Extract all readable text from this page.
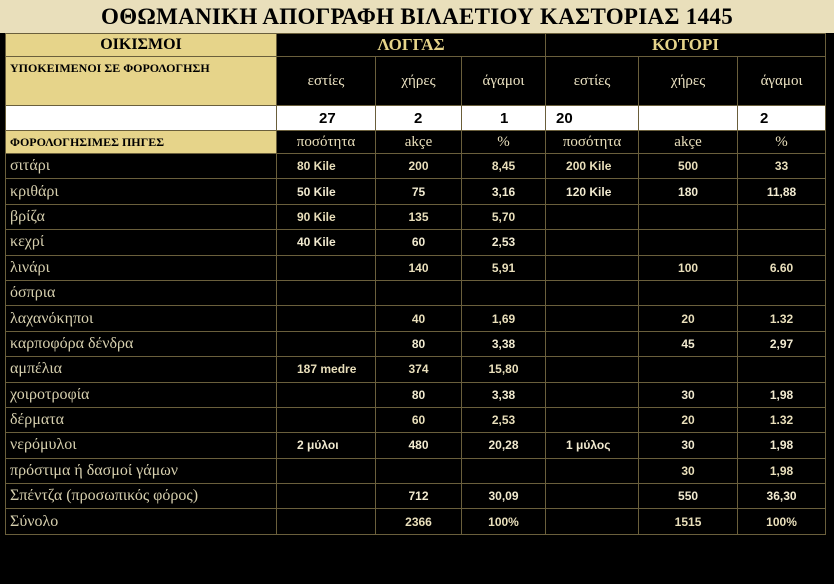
ΟΘΩΜΑΝΙΚΗ ΑΠΟΓΡΑΦΗ ΒΙΛΑΕΤΙΟΥ ΚΑΣΤΟΡΙΑΣ 1445
ΟΙΚΙΣΜΟΙ	ΛΟΓΓΑΣ			ΚΟΤΟΡΙ		
ΥΠΟΚΕΙΜΕΝΟΙ ΣΕ ΦΟΡΟΛΟΓΗΣΗ	εστίες	χήρες	άγαμοι	εστίες	χήρες	άγαμοι
	27	2	1	20		2
ΦΟΡΟΛΟΓΗΣΙΜΕΣ ΠΗΓΕΣ	ποσότητα	akçe	%	ποσότητα	akçe	%
σιτάρι	80 Kile	200	8,45	200 Kile	500	33
κριθάρι	50 Kile	75	3,16	120 Kile	180	11,88
βρίζα	90 Kile	135	5,70			
κεχρί	40 Kile	60	2,53			
λινάρι		140	5,91		100	6.60
όσπρια						
λαχανόκηποι		40	1,69		20	1.32
καρποφόρα δένδρα		80	3,38		45	2,97
αμπέλια	187 medre	374	15,80			
χοιροτροφία		80	3,38		30	1,98
δέρματα		60	2,53		20	1.32
νερόμυλοι	2 μύλοι	480	20,28	1 μύλος	30	1,98
πρόστιμα ή δασμοί γάμων					30	1,98
Σπέντζα (προσωπικός φόρος)		712	30,09		550	36,30
Σύνολο		2366	100%		1515	100%
